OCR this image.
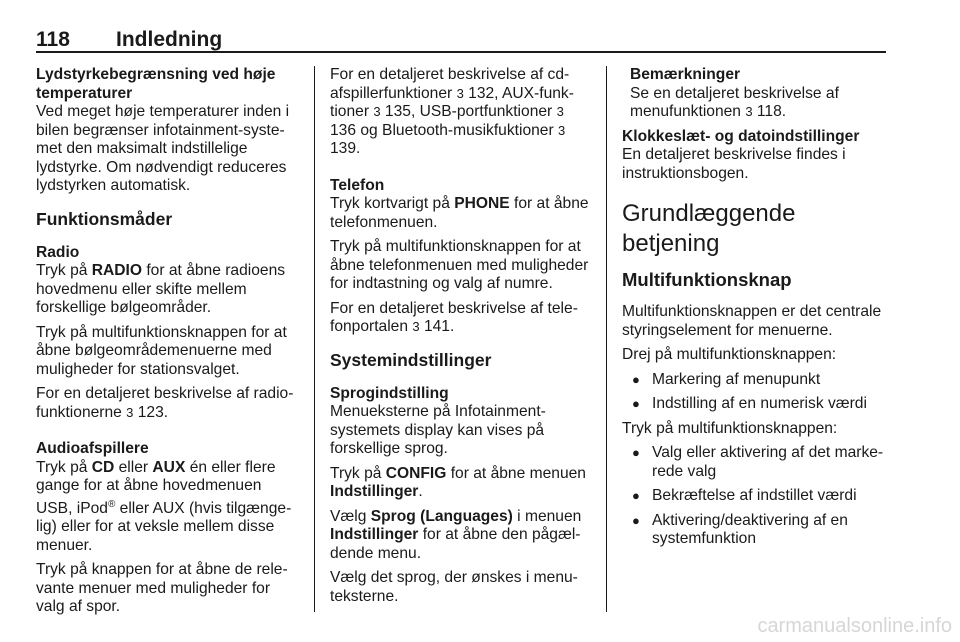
118 Indledning
Lydstyrkebegrænsning ved høje temperaturer

Ved meget høje temperaturer inden i bilen begrænser infotainment-syste-met den maksimalt indstillelige lydstyrke. Om nødvendigt reduceres lydstyrken automatisk.

Funktionsmåder
Radio

Tryk på RADIO for at åbne radioens hovedmenu eller skifte mellem forskellige bølgeområder.

Tryk på multifunktionsknappen for at åbne bølgeområdemenuerne med muligheder for stationsvalget.

For en detaljeret beskrivelse af radio-funktionerne 3 123.

Audioafspillere

Tryk på CD eller AUX én eller flere gange for at åbne hovedmenuen USB, iPod® eller AUX (hvis tilgænge-lig) eller for at veksle mellem disse menuer.

Tryk på knappen for at åbne de rele-vante menuer med muligheder for valg af spor.

For en detaljeret beskrivelse af cd-afspillerfunktioner 3 132, AUX-funk-tioner 3 135, USB-portfunktioner 3 136 og Bluetooth-musikfuktioner 3 139.

Telefon

Tryk kortvarigt på PHONE for at åbne telefonmenuen.

Tryk på multifunktionsknappen for at åbne telefonmenuen med muligheder for indtastning og valg af numre.

For en detaljeret beskrivelse af tele-fonportalen 3 141.

Systemindstillinger
Sprogindstilling

Menueksterne på Infotainment-systemets display kan vises på forskellige sprog.

Tryk på CONFIG for at åbne menuen Indstillinger.

Vælg Sprog (Languages) i menuen Indstillinger for at åbne den pågæl-dende menu.

Vælg det sprog, der ønskes i menu-teksterne.

Bemærkninger
Se en detaljeret beskrivelse af menufunktionen 3 118.
Klokkeslæt- og datoindstillinger

En detaljeret beskrivelse findes i instruktionsbogen.

Grundlæggende betjening
Multifunktionsknap

Multifunktionsknappen er det centrale styringselement for menuerne.

Drej på multifunktionsknappen:

● Markering af menupunkt
● Indstilling af en numerisk værdi

Tryk på multifunktionsknappen:

● Valg eller aktivering af det marke-rede valg
● Bekræftelse af indstillet værdi
● Aktivering/deaktivering af en systemfunktion
carmanualsonline.info
